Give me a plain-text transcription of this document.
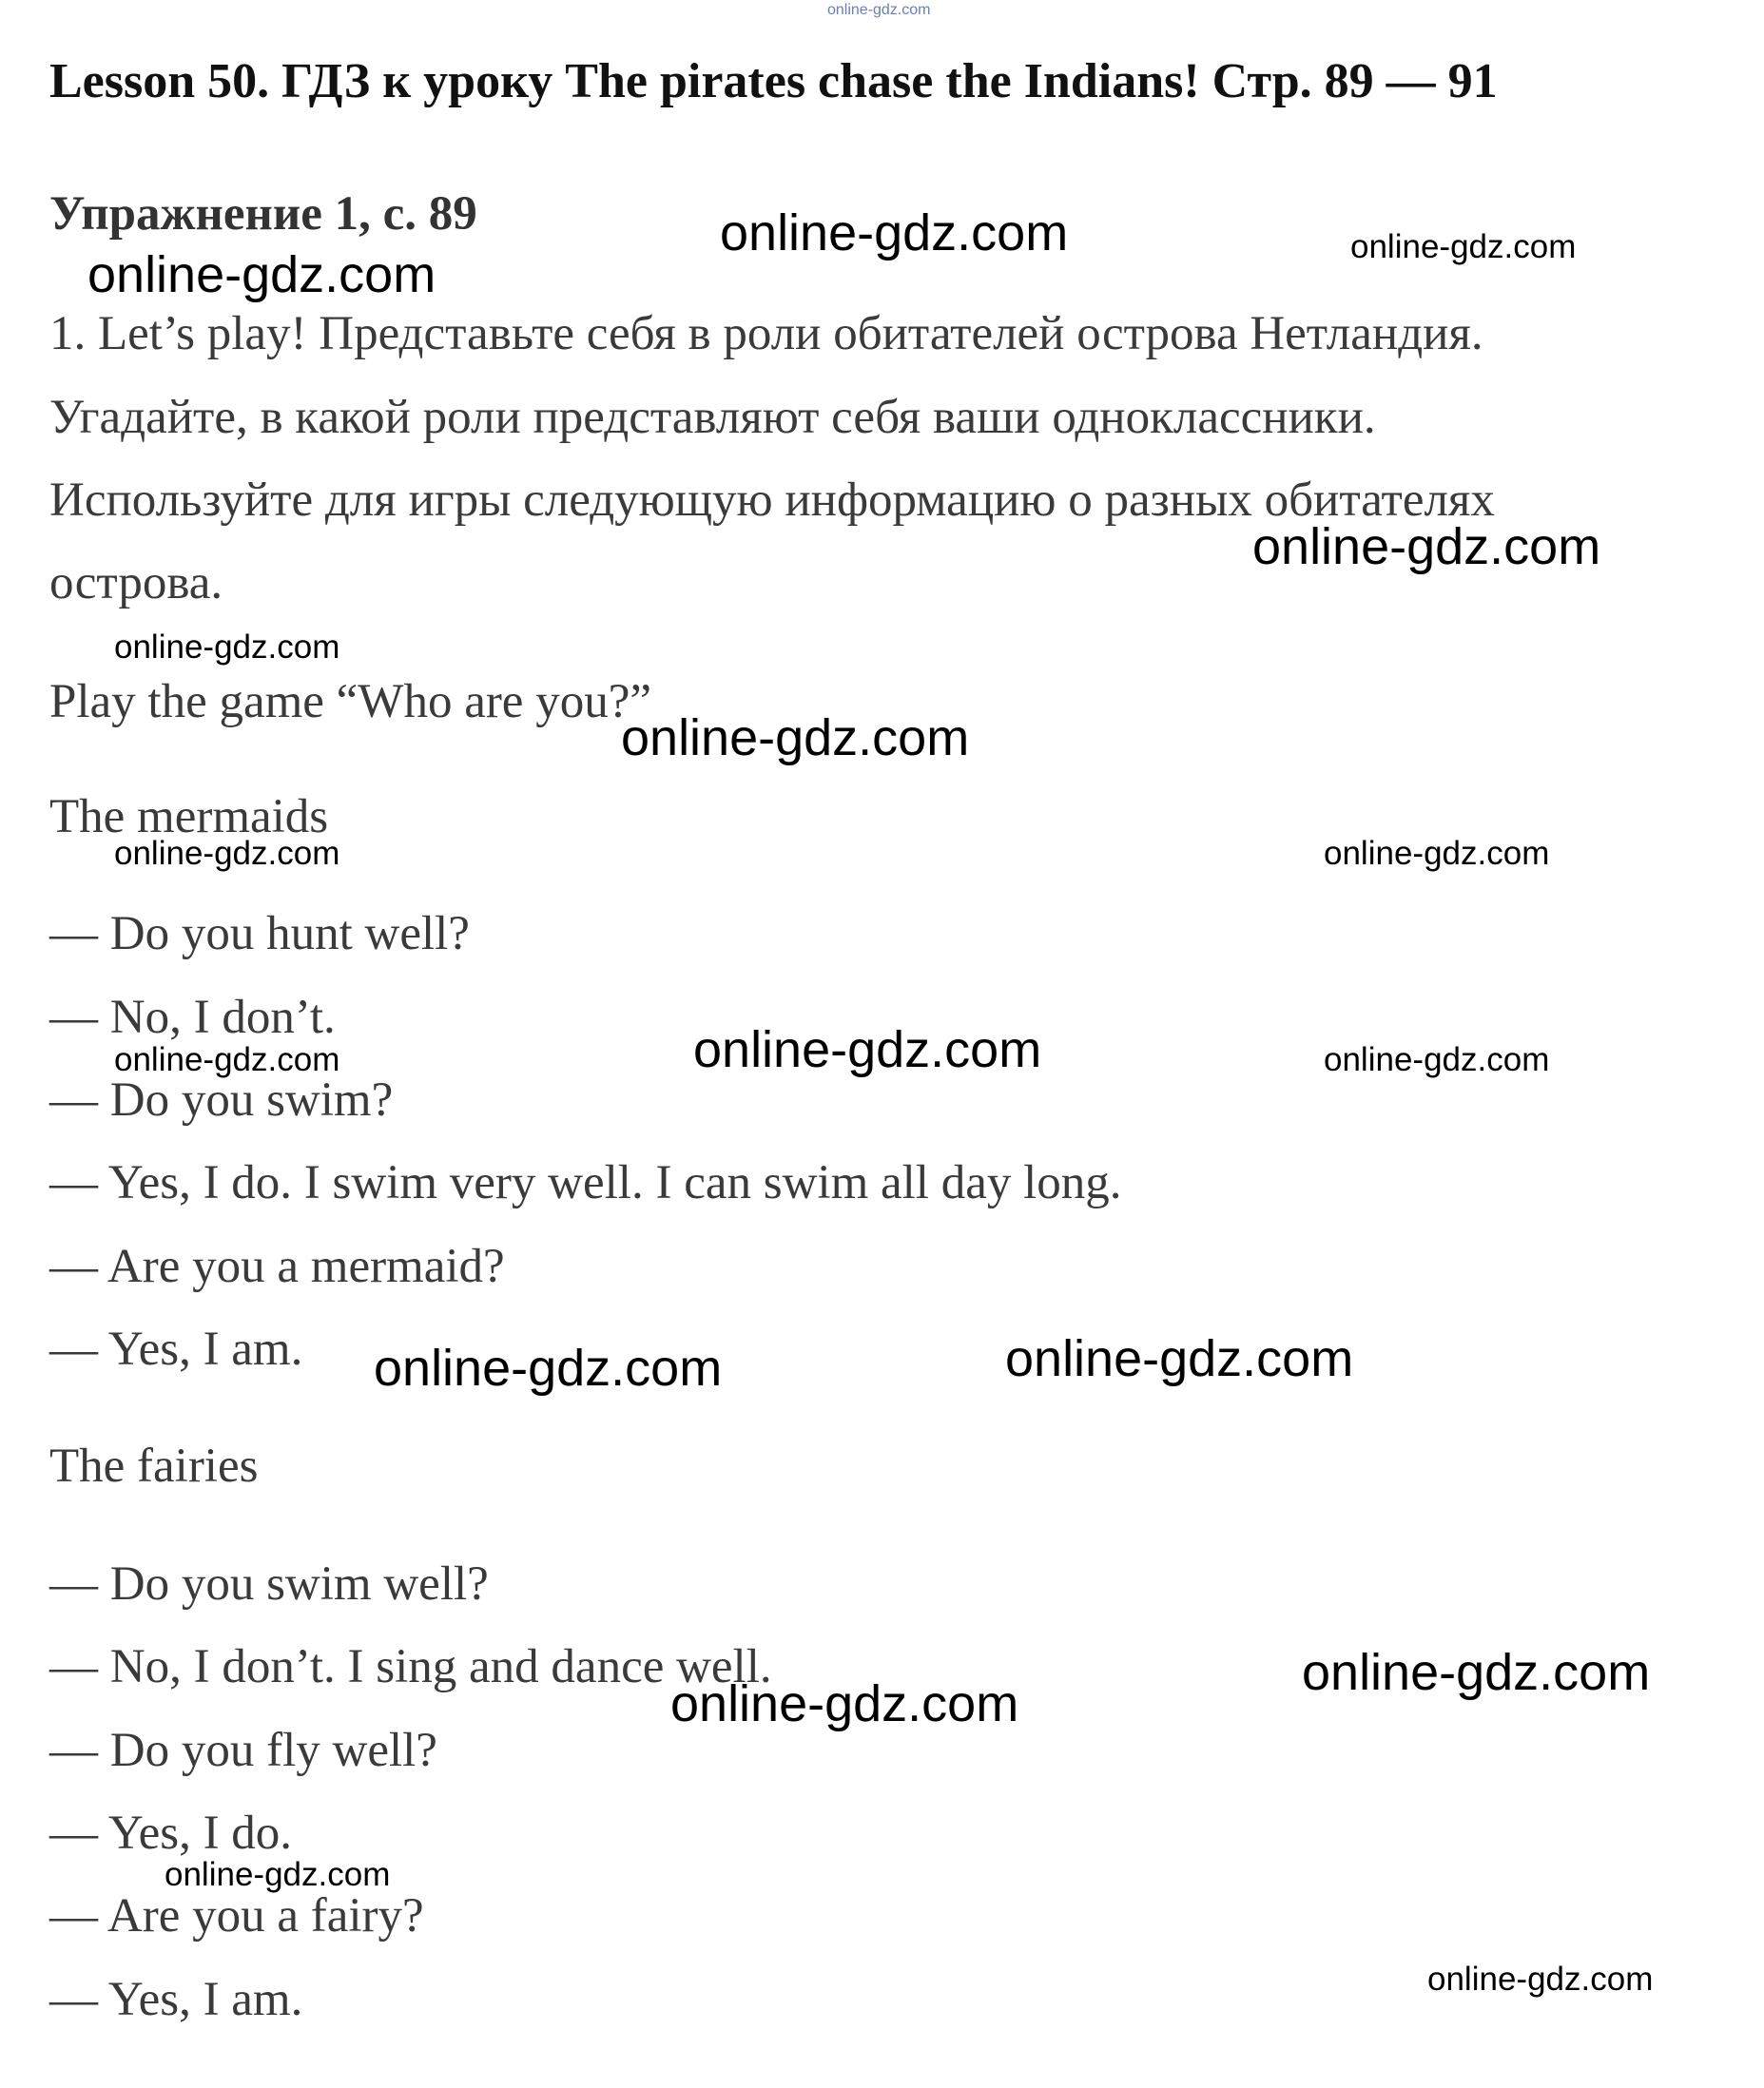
online-gdz.com
Lesson 50. ГДЗ к уроку The pirates chase the Indians! Стр. 89 — 91
Упражнение 1, с. 89
1. Let’s play! Представьте себя в роли обитателей острова Нетландия.
Угадайте, в какой роли представляют себя ваши одноклассники.
Используйте для игры следующую информацию о разных обитателях
острова.
Play the game “Who are you?”
The mermaids
— Do you hunt well?
— No, I don’t.
— Do you swim?
— Yes, I do. I swim very well. I can swim all day long.
— Are you a mermaid?
— Yes, I am.
The fairies
— Do you swim well?
— No, I don’t. I sing and dance well.
— Do you fly well?
— Yes, I do.
— Are you a fairy?
— Yes, I am.
online-gdz.com	online-gdz.com
online-gdz.com
online-gdz.com
online-gdz.com
online-gdz.com
online-gdz.com	online-gdz.com
online-gdz.com
online-gdz.com	online-gdz.com
online-gdz.com	online-gdz.com
online-gdz.com
online-gdz.com
online-gdz.com
online-gdz.com
